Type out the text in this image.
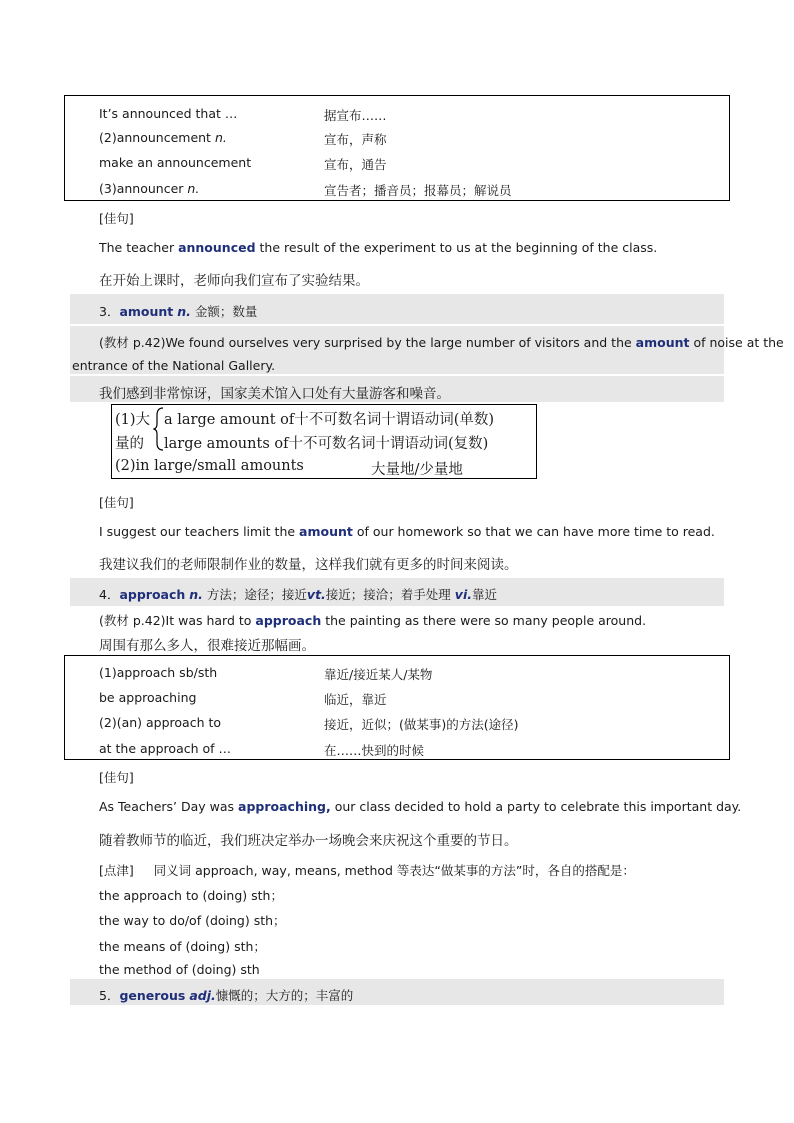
It’s announced that …	据宣布……
(2)announcement n.	宣布，声称
make an announcement	宣布，通告
(3)announcer n.	宣告者；播音员；报幕员；解说员
[佳句]
The teacher announced the result of the experiment to us at the beginning of the class.
在开始上课时，老师向我们宣布了实验结果。
3．amount n. 金额；数量
(教材 p.42)We found ourselves very surprised by the large number of visitors and the amount of noise at the
entrance of the National Gallery.
我们感到非常惊讶，国家美术馆入口处有大量游客和噪音。
(1)大
量的
a large amount of十不可数名词十谓语动词(单数)
large amounts of十不可数名词十谓语动词(复数)
(2)in large/small amounts	大量地/少量地
[佳句]
I suggest our teachers limit the amount of our homework so that we can have more time to read.
我建议我们的老师限制作业的数量，这样我们就有更多的时间来阅读。
4．approach n. 方法；途径；接近vt.接近；接洽；着手处理 vi.靠近
(教材 p.42)It was hard to approach the painting as there were so many people around.
周围有那么多人，很难接近那幅画。
(1)approach sb/sth	靠近/接近某人/某物
be approaching	临近，靠近
(2)(an) approach to	接近，近似；(做某事)的方法(途径)
at the approach of …	在……快到的时候
[佳句]
As Teachers’ Day was approaching, our class decided to hold a party to celebrate this important day.
随着教师节的临近，我们班决定举办一场晚会来庆祝这个重要的节日。
[点津]     同义词 approach, way, means, method 等表达“做某事的方法”时，各自的搭配是：
the approach to (doing) sth；
the way to do/of (doing) sth；
the means of (doing) sth；
the method of (doing) sth
5．generous adj.慷慨的；大方的；丰富的
